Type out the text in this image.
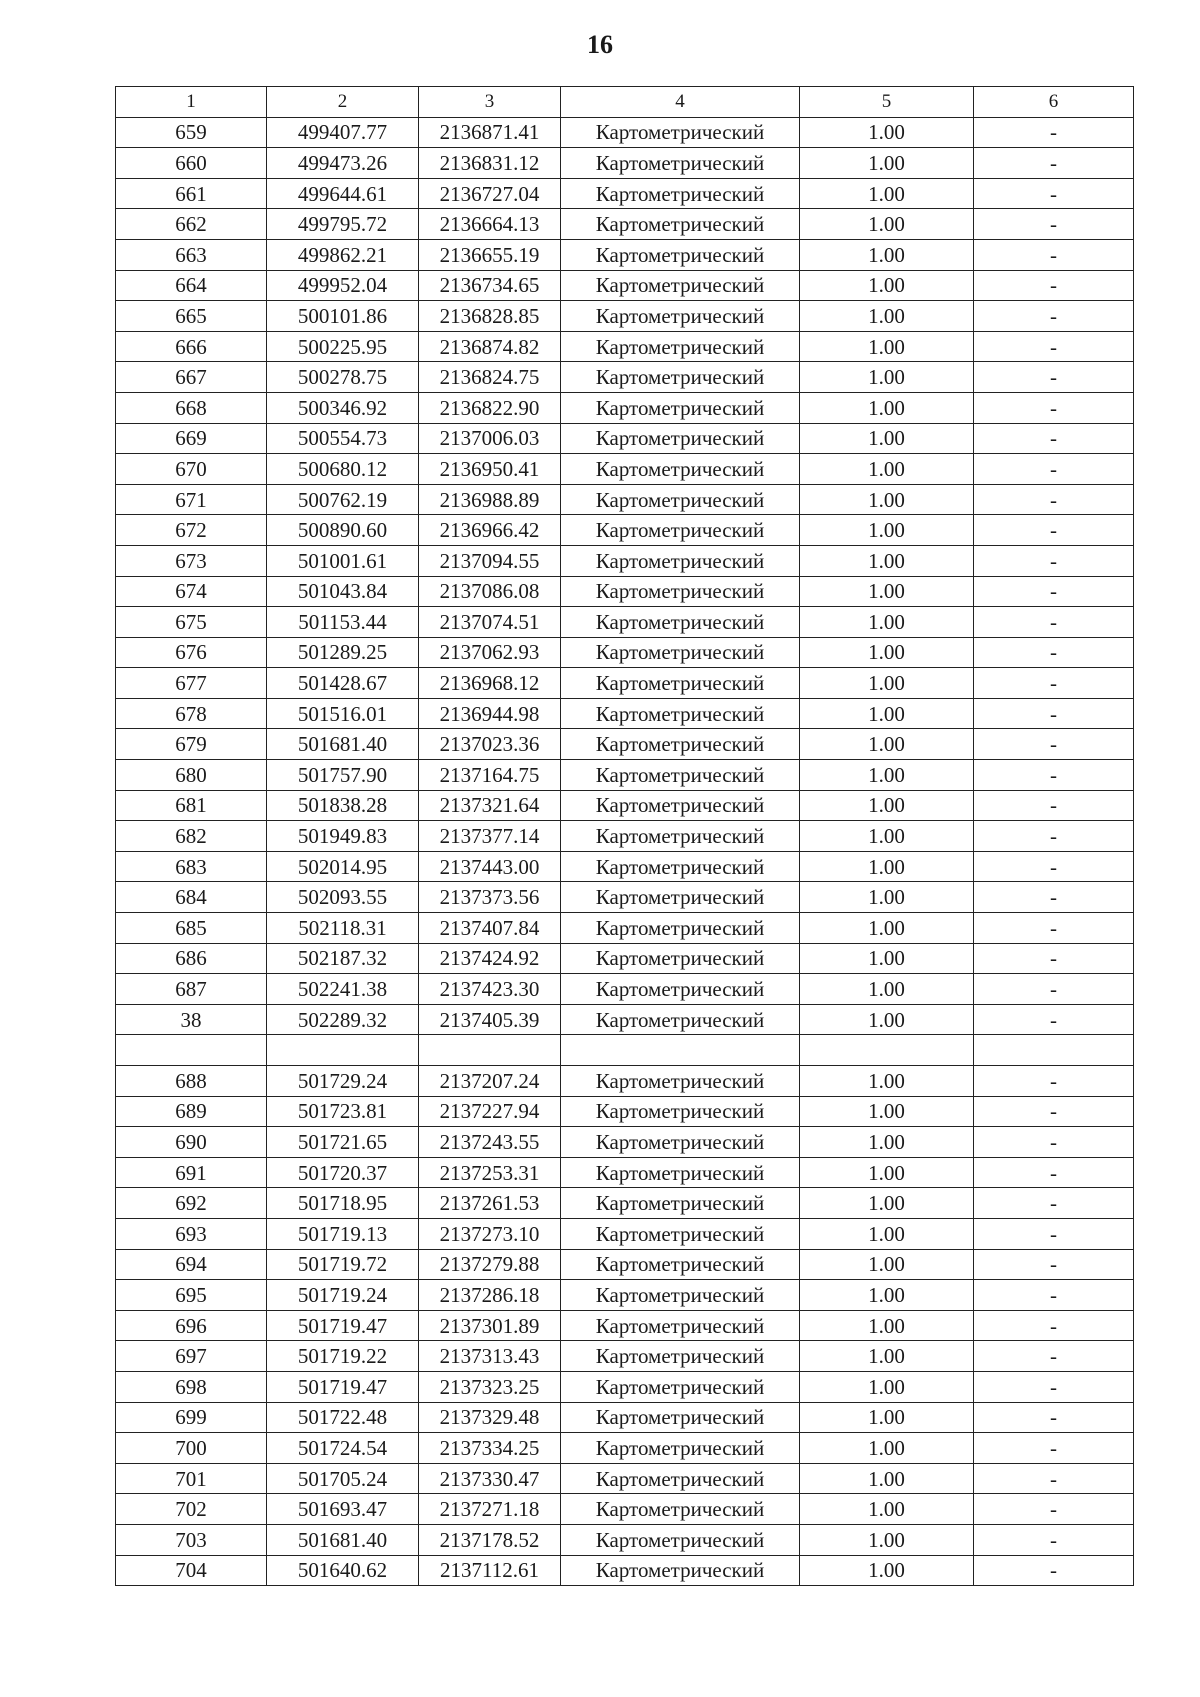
16
1	2	3	4	5	6
659	499407.77	2136871.41	Картометрический	1.00	-
660	499473.26	2136831.12	Картометрический	1.00	-
661	499644.61	2136727.04	Картометрический	1.00	-
662	499795.72	2136664.13	Картометрический	1.00	-
663	499862.21	2136655.19	Картометрический	1.00	-
664	499952.04	2136734.65	Картометрический	1.00	-
665	500101.86	2136828.85	Картометрический	1.00	-
666	500225.95	2136874.82	Картометрический	1.00	-
667	500278.75	2136824.75	Картометрический	1.00	-
668	500346.92	2136822.90	Картометрический	1.00	-
669	500554.73	2137006.03	Картометрический	1.00	-
670	500680.12	2136950.41	Картометрический	1.00	-
671	500762.19	2136988.89	Картометрический	1.00	-
672	500890.60	2136966.42	Картометрический	1.00	-
673	501001.61	2137094.55	Картометрический	1.00	-
674	501043.84	2137086.08	Картометрический	1.00	-
675	501153.44	2137074.51	Картометрический	1.00	-
676	501289.25	2137062.93	Картометрический	1.00	-
677	501428.67	2136968.12	Картометрический	1.00	-
678	501516.01	2136944.98	Картометрический	1.00	-
679	501681.40	2137023.36	Картометрический	1.00	-
680	501757.90	2137164.75	Картометрический	1.00	-
681	501838.28	2137321.64	Картометрический	1.00	-
682	501949.83	2137377.14	Картометрический	1.00	-
683	502014.95	2137443.00	Картометрический	1.00	-
684	502093.55	2137373.56	Картометрический	1.00	-
685	502118.31	2137407.84	Картометрический	1.00	-
686	502187.32	2137424.92	Картометрический	1.00	-
687	502241.38	2137423.30	Картометрический	1.00	-
38	502289.32	2137405.39	Картометрический	1.00	-

688	501729.24	2137207.24	Картометрический	1.00	-
689	501723.81	2137227.94	Картометрический	1.00	-
690	501721.65	2137243.55	Картометрический	1.00	-
691	501720.37	2137253.31	Картометрический	1.00	-
692	501718.95	2137261.53	Картометрический	1.00	-
693	501719.13	2137273.10	Картометрический	1.00	-
694	501719.72	2137279.88	Картометрический	1.00	-
695	501719.24	2137286.18	Картометрический	1.00	-
696	501719.47	2137301.89	Картометрический	1.00	-
697	501719.22	2137313.43	Картометрический	1.00	-
698	501719.47	2137323.25	Картометрический	1.00	-
699	501722.48	2137329.48	Картометрический	1.00	-
700	501724.54	2137334.25	Картометрический	1.00	-
701	501705.24	2137330.47	Картометрический	1.00	-
702	501693.47	2137271.18	Картометрический	1.00	-
703	501681.40	2137178.52	Картометрический	1.00	-
704	501640.62	2137112.61	Картометрический	1.00	-
